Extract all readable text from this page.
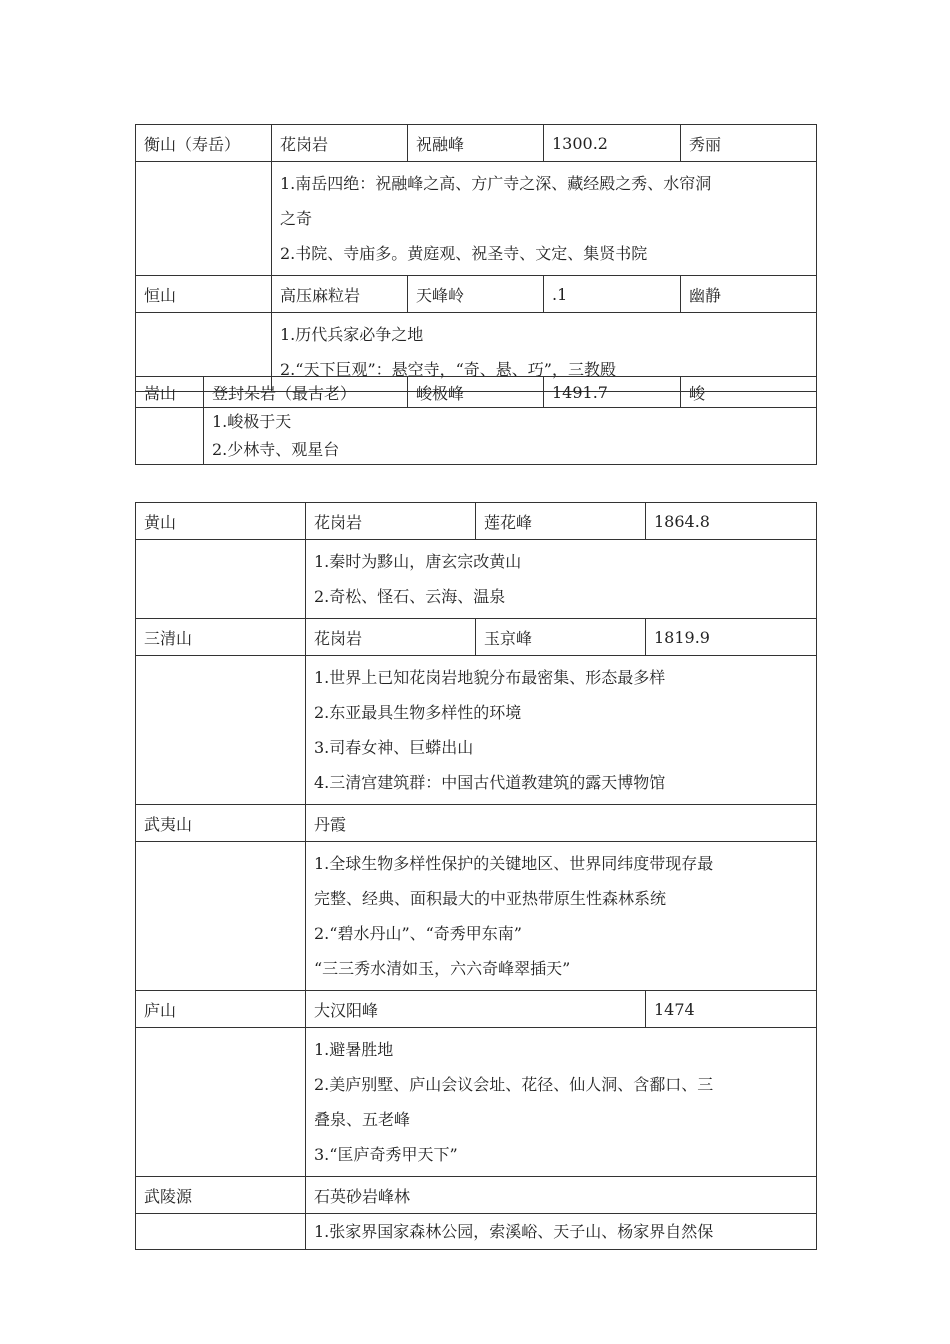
衡山（寿岳）	花岗岩	祝融峰	1300.2	秀丽

	1.南岳四绝：祝融峰之高、方广寺之深、藏经殿之秀、水帘洞
之奇
2.书院、寺庙多。黄庭观、祝圣寺、文定、集贤书院			

恒山	高压麻粒岩	天峰岭	.1	幽静

	1.历代兵家必争之地
2.“天下巨观”：悬空寺，“奇、悬、巧”，三教殿			
嵩山	登封朵岩（最古老）	峻极峰	1491.7	峻

	1.峻极于天
2.少林寺、观星台			
黄山	花岗岩	莲花峰	1864.8

	1.秦时为黟山，唐玄宗改黄山
2.奇松、怪石、云海、温泉		

三清山	花岗岩	玉京峰	1819.9

	1.世界上已知花岗岩地貌分布最密集、形态最多样
2.东亚最具生物多样性的环境
3.司春女神、巨蟒出山
4.三清宫建筑群：中国古代道教建筑的露天博物馆		

武夷山	丹霞		

	1.全球生物多样性保护的关键地区、世界同纬度带现存最
完整、经典、面积最大的中亚热带原生性森林系统
2.“碧水丹山”、“奇秀甲东南”
“三三秀水清如玉，六六奇峰翠插天”		

庐山	大汉阳峰		1474

	1.避暑胜地
2.美庐别墅、庐山会议会址、花径、仙人洞、含鄱口、三
叠泉、五老峰
3.“匡庐奇秀甲天下”		

武陵源	石英砂岩峰林		

	1.张家界国家森林公园，索溪峪、天子山、杨家界自然保		
